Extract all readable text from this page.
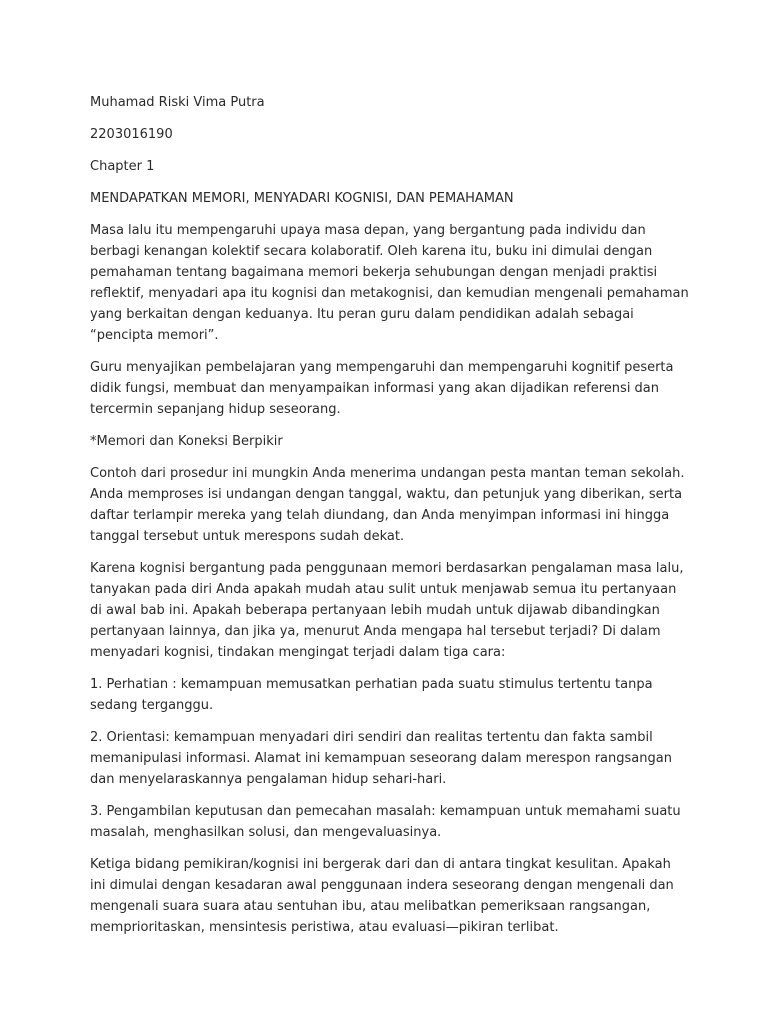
Muhamad Riski Vima Putra

2203016190

Chapter 1

MENDAPATKAN MEMORI, MENYADARI KOGNISI, DAN PEMAHAMAN

Masa lalu itu mempengaruhi upaya masa depan, yang bergantung pada individu dan berbagi kenangan kolektif secara kolaboratif. Oleh karena itu, buku ini dimulai dengan pemahaman tentang bagaimana memori bekerja sehubungan dengan menjadi praktisi reflektif, menyadari apa itu kognisi dan metakognisi, dan kemudian mengenali pemahaman yang berkaitan dengan keduanya. Itu peran guru dalam pendidikan adalah sebagai “pencipta memori”.

Guru menyajikan pembelajaran yang mempengaruhi dan mempengaruhi kognitif peserta didik fungsi, membuat dan menyampaikan informasi yang akan dijadikan referensi dan tercermin sepanjang hidup seseorang.

*Memori dan Koneksi Berpikir

Contoh dari prosedur ini mungkin Anda menerima undangan pesta mantan teman sekolah. Anda memproses isi undangan dengan tanggal, waktu, dan petunjuk yang diberikan, serta daftar terlampir mereka yang telah diundang, dan Anda menyimpan informasi ini hingga tanggal tersebut untuk merespons sudah dekat.

Karena kognisi bergantung pada penggunaan memori berdasarkan pengalaman masa lalu, tanyakan pada diri Anda apakah mudah atau sulit untuk menjawab semua itu pertanyaan di awal bab ini. Apakah beberapa pertanyaan lebih mudah untuk dijawab dibandingkan pertanyaan lainnya, dan jika ya, menurut Anda mengapa hal tersebut terjadi? Di dalam menyadari kognisi, tindakan mengingat terjadi dalam tiga cara:

1. Perhatian : kemampuan memusatkan perhatian pada suatu stimulus tertentu tanpa sedang terganggu.

2. Orientasi: kemampuan menyadari diri sendiri dan realitas tertentu dan fakta sambil memanipulasi informasi. Alamat ini kemampuan seseorang dalam merespon rangsangan dan menyelaraskannya pengalaman hidup sehari-hari.

3. Pengambilan keputusan dan pemecahan masalah: kemampuan untuk memahami suatu masalah, menghasilkan solusi, dan mengevaluasinya.

Ketiga bidang pemikiran/kognisi ini bergerak dari dan di antara tingkat kesulitan. Apakah ini dimulai dengan kesadaran awal penggunaan indera seseorang dengan mengenali dan mengenali suara suara atau sentuhan ibu, atau melibatkan pemeriksaan rangsangan, memprioritaskan, mensintesis peristiwa, atau evaluasi—pikiran terlibat.
